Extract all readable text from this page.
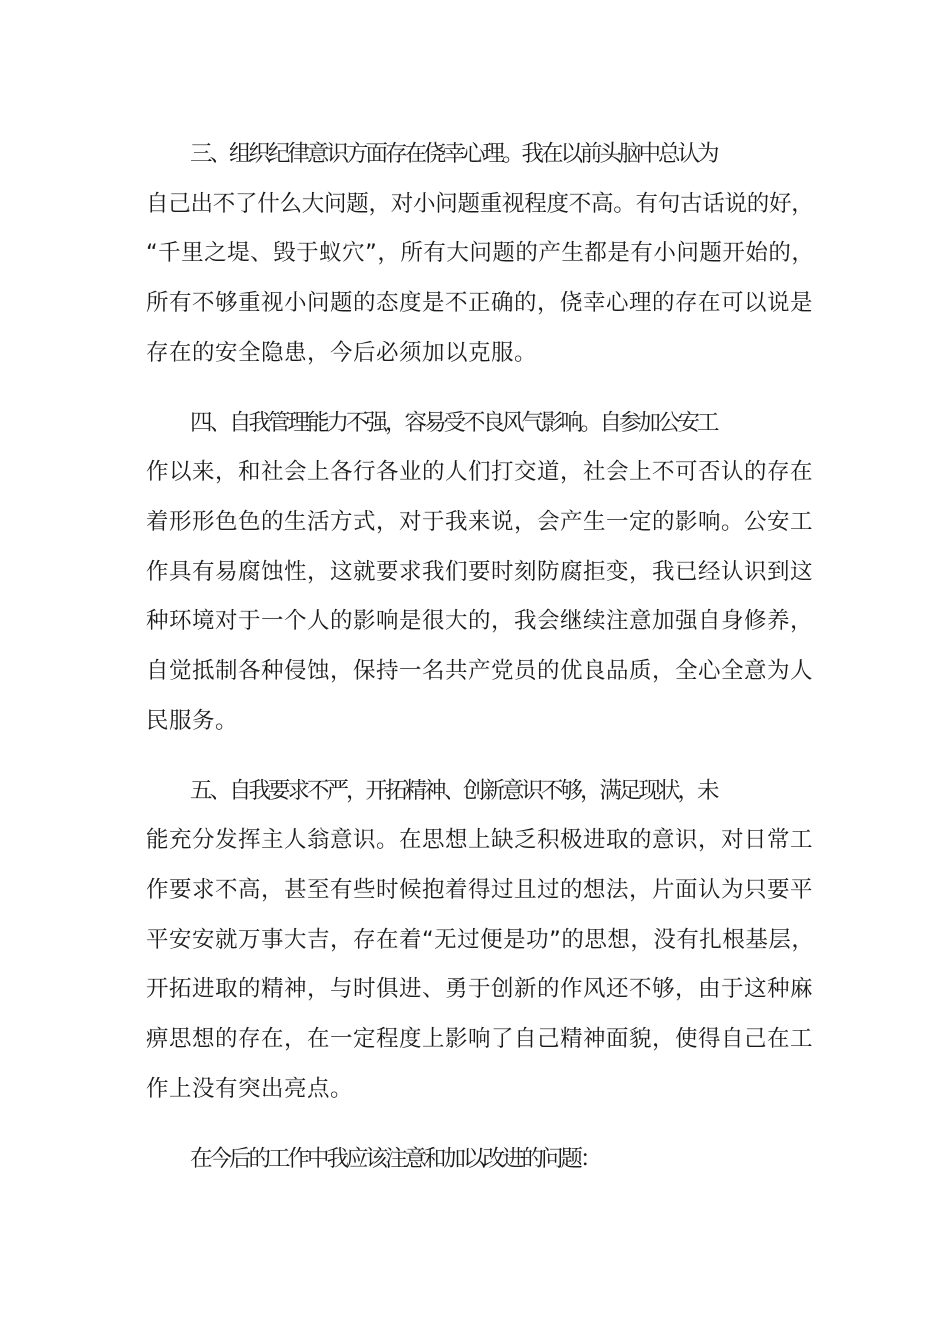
三、组织纪律意识方面存在侥幸心理。我在以前头脑中总认为
自己出不了什么大问题，对小问题重视程度不高。有句古话说的好，
“千里之堤、毁于蚁穴”，所有大问题的产生都是有小问题开始的，
所有不够重视小问题的态度是不正确的，侥幸心理的存在可以说是
存在的安全隐患，今后必须加以克服。
四、自我管理能力不强，容易受不良风气影响。自参加公安工
作以来，和社会上各行各业的人们打交道，社会上不可否认的存在
着形形色色的生活方式，对于我来说，会产生一定的影响。公安工
作具有易腐蚀性，这就要求我们要时刻防腐拒变，我已经认识到这
种环境对于一个人的影响是很大的，我会继续注意加强自身修养，
自觉抵制各种侵蚀，保持一名共产党员的优良品质，全心全意为人
民服务。
五、自我要求不严，开拓精神、创新意识不够，满足现状，未
能充分发挥主人翁意识。在思想上缺乏积极进取的意识，对日常工
作要求不高，甚至有些时候抱着得过且过的想法，片面认为只要平
平安安就万事大吉，存在着“无过便是功”的思想，没有扎根基层，
开拓进取的精神，与时俱进、勇于创新的作风还不够，由于这种麻
痹思想的存在，在一定程度上影响了自己精神面貌，使得自己在工
作上没有突出亮点。
在今后的工作中我应该注意和加以改进的问题：
